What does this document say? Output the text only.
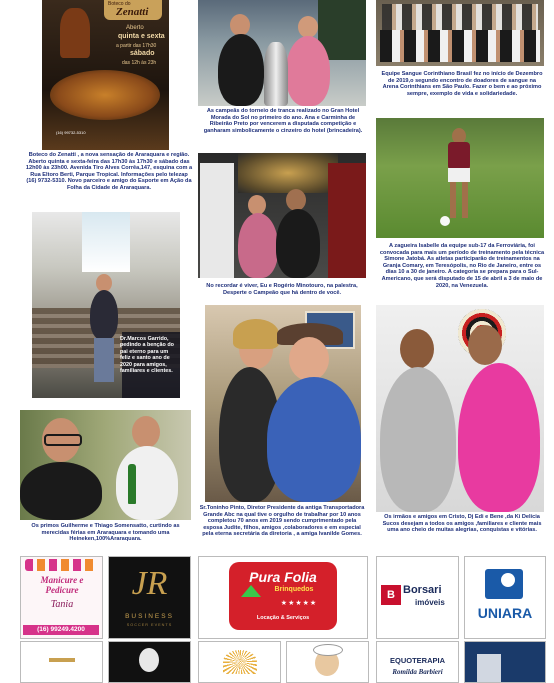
Boteco do
Zenatti
Aberto
quinta e sexta
a partir das 17h30
sábado
das 12h às 23h
(16) 99732-5310
Boteco do Zenatti , a nova sensação de Araraquara e região. Aberto quinta e sexta-feira das 17h30 às 17h30 e sábado das 12h00 às 23h00. Avenida Tiro Alves Corrêa,147, esquina com a Rua Eltoro Berti, Parque Tropical. Informações pelo telezap (16) 9732-5310. Novo parceiro e amigo do Esporte em Ação da Folha da Cidade de Araraquara.
As campeãs do torneio de tranca realizado no Gran Hotel Morada do Sol no primeiro do ano. Ana e Carminha de Ribeirão Preto por vencerem a disputada competição e ganharam simbolicamente o cinzeiro do hotel (brincadeira).
Equipe Sangue Corinthiano Brasil fez no início de Dezembro de 2019,o segundo encontro de doadores de sangue na Arena Corinthians em São Paulo. Fazer o bem e ao próximo sempre, exemplo de vida e solidariedade.
A zagueira Isabelle da equipe sub-17 da Ferroviária, foi convocada para mais um período de treinamento pela técnica Simone Jatobá. As atletas participarão de treinamentos na Granja Comary, em Teresópolis, no Rio de Janeiro, entre os dias 10 a 30 de janeiro. A categoria se prepara para o Sul-Americano, que será disputado de 15 de abril a 3 de maio de 2020, na Venezuela.
No recordar é viver, Eu e Rogério Minotouro, na palestra, Desperte o Campeão que há dentro de você.
Dr.Marcos Garrido, pedindo a benção do pai eterno para um feliz e santo ano de 2020 para amigos, familiares e clientes.
Sr.Toninho Pinto, Diretor Presidente da antiga Transportadora Grande Abc na qual tive o orgulho de trabalhar por 10 anos completou 70 anos em 2019 sendo cumprimentado pela esposa Judite, filhos, amigos ,colaboradores e em especial pela eterna secretária da diretoria , a amiga Ivanilde Gomes.
Os irmãos e amigos em Cristo, Dj Edi e Bene ,da Ki Delícia Sucos desejam a todos os amigos ,familiares e cliente mais uma ano cheio de muitas alegrias, conquistas e vitórias.
Os primos Guilherme e Thiago Somensatto, curtindo as merecidas férias em Araraquara e tomando uma Heineken,100%Araraquara.
Manicure e Pedicure
Tania
(16) 99249.4200
JR
BUSINESS
SOCCER EVENTS
Pura Folia
Brinquedos
★★★★★
Locação & Serviços
B Borsari
imóveis
UNIARA
EQUOTERAPIA
Romilda Barbieri
